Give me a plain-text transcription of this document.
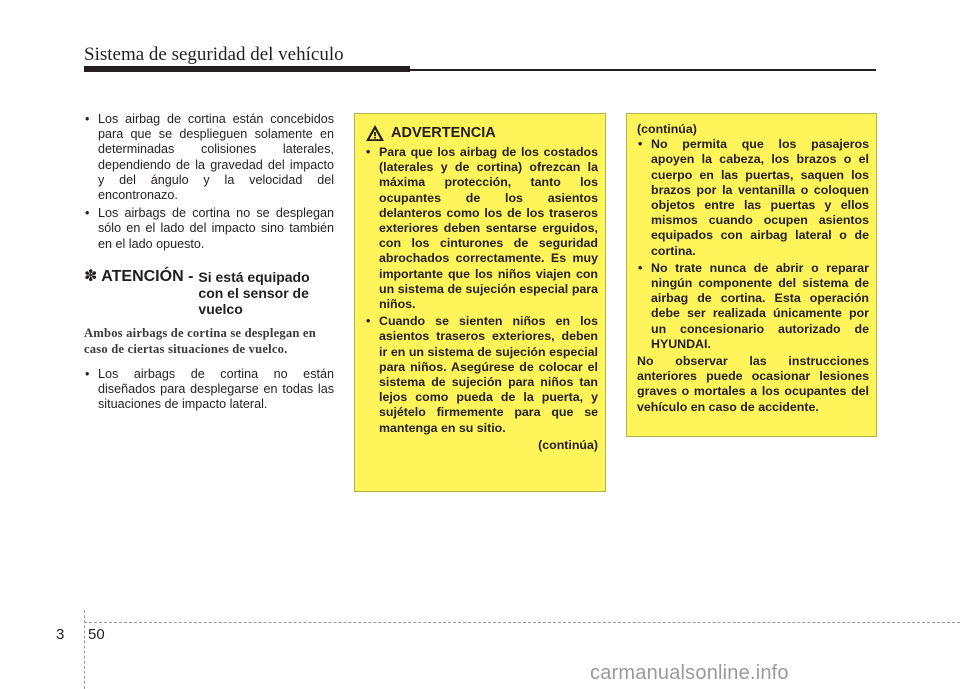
Sistema de seguridad del vehículo
• Los airbag de cortina están concebidos para que se desplieguen solamente en determinadas colisiones laterales, dependiendo de la gravedad del impacto y del ángulo y la velocidad del encontronazo.
• Los airbags de cortina no se desplegan sólo en el lado del impacto sino también en el lado opuesto.
✽ ATENCIÓN - Si está equipado con el sensor de vuelco
Ambos airbags de cortina se desplegan en caso de ciertas situaciones de vuelco.
• Los airbags de cortina no están diseñados para desplegarse en todas las situaciones de impacto lateral.
ADVERTENCIA
• Para que los airbag de los costados (laterales y de cortina) ofrezcan la máxima protección, tanto los ocupantes de los asientos delanteros como los de los traseros exteriores deben sentarse erguidos, con los cinturones de seguridad abrochados correctamente. Es muy importante que los niños viajen con un sistema de sujeción especial para niños.
• Cuando se sienten niños en los asientos traseros exteriores, deben ir en un sistema de sujeción especial para niños. Asegúrese de colocar el sistema de sujeción para niños tan lejos como pueda de la puerta, y sujételo firmemente para que se mantenga en su sitio.
(continúa)
(continúa)
• No permita que los pasajeros apoyen la cabeza, los brazos o el cuerpo en las puertas, saquen los brazos por la ventanilla o coloquen objetos entre las puertas y ellos mismos cuando ocupen asientos equipados con airbag lateral o de cortina.
• No trate nunca de abrir o reparar ningún componente del sistema de airbag de cortina. Esta operación debe ser realizada únicamente por un concesionario autorizado de HYUNDAI.
No observar las instrucciones anteriores puede ocasionar lesiones graves o mortales a los ocupantes del vehículo en caso de accidente.
3 50
carmanualsonline.info
